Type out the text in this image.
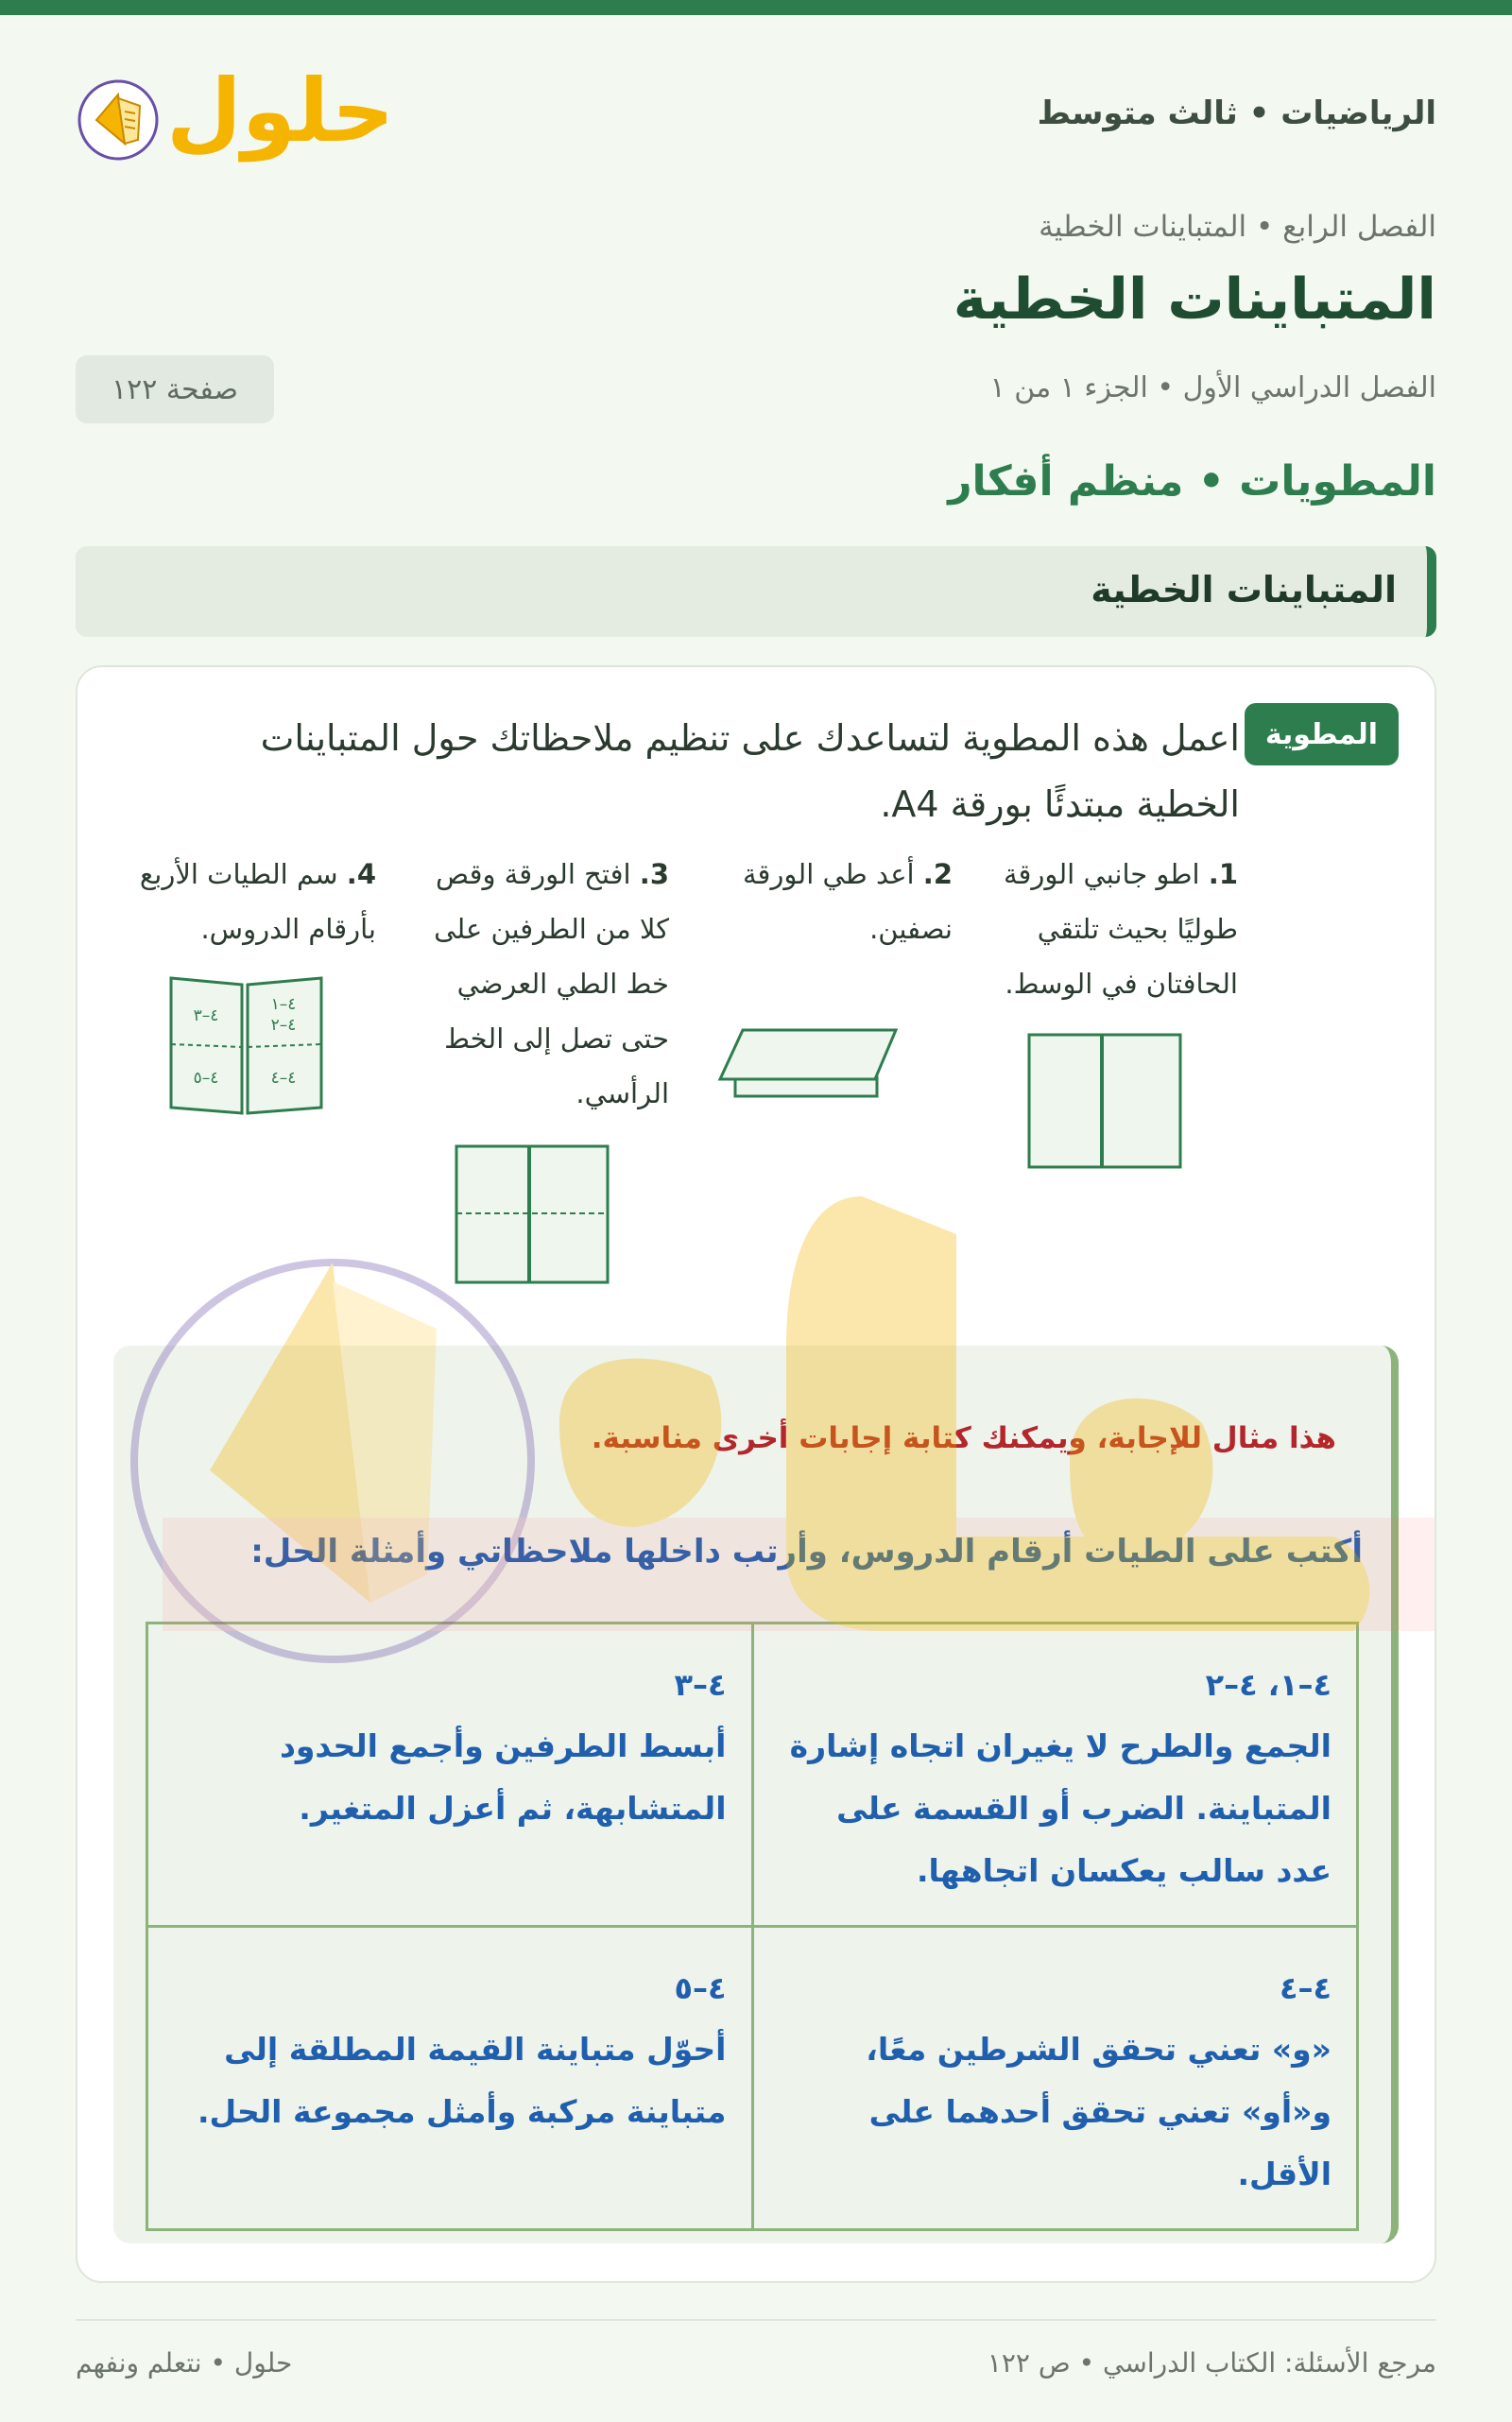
الرياضيات • ثالث متوسط
حلول
الفصل الرابع • المتباينات الخطية
المتباينات الخطية
الفصل الدراسي الأول • الجزء ١ من ١
صفحة ١٢٢
المطويات • منظم أفكار
المتباينات الخطية
المطوية
اعمل هذه المطوية لتساعدك على تنظيم ملاحظاتك حول المتباينات الخطية مبتدئًا بورقة A4.
1. اطو جانبي الورقة طوليًا بحيث تلتقي الحافتان في الوسط.
2. أعد طي الورقة نصفين.
3. افتح الورقة وقص كلا من الطرفين على خط الطي العرضي حتى تصل إلى الخط الرأسي.
4. سم الطيات الأربع بأرقام الدروس.
٤–١
٤–٢
٤–٣
٤–٤
٤–٥
هذا مثال للإجابة، ويمكنك كتابة إجابات أخرى مناسبة.
أكتب على الطيات أرقام الدروس، وأرتب داخلها ملاحظاتي وأمثلة الحل:
٤–١، ٤–٢
الجمع والطرح لا يغيران اتجاه إشارة المتباينة. الضرب أو القسمة على عدد سالب يعكسان اتجاهها.	٤–٣
أبسط الطرفين وأجمع الحدود المتشابهة، ثم أعزل المتغير.

٤–٤
«و» تعني تحقق الشرطين معًا، و«أو» تعني تحقق أحدهما على الأقل.	٤–٥
أحوّل متباينة القيمة المطلقة إلى متباينة مركبة وأمثل مجموعة الحل.
مرجع الأسئلة: الكتاب الدراسي • ص ١٢٢
حلول • نتعلم ونفهم
